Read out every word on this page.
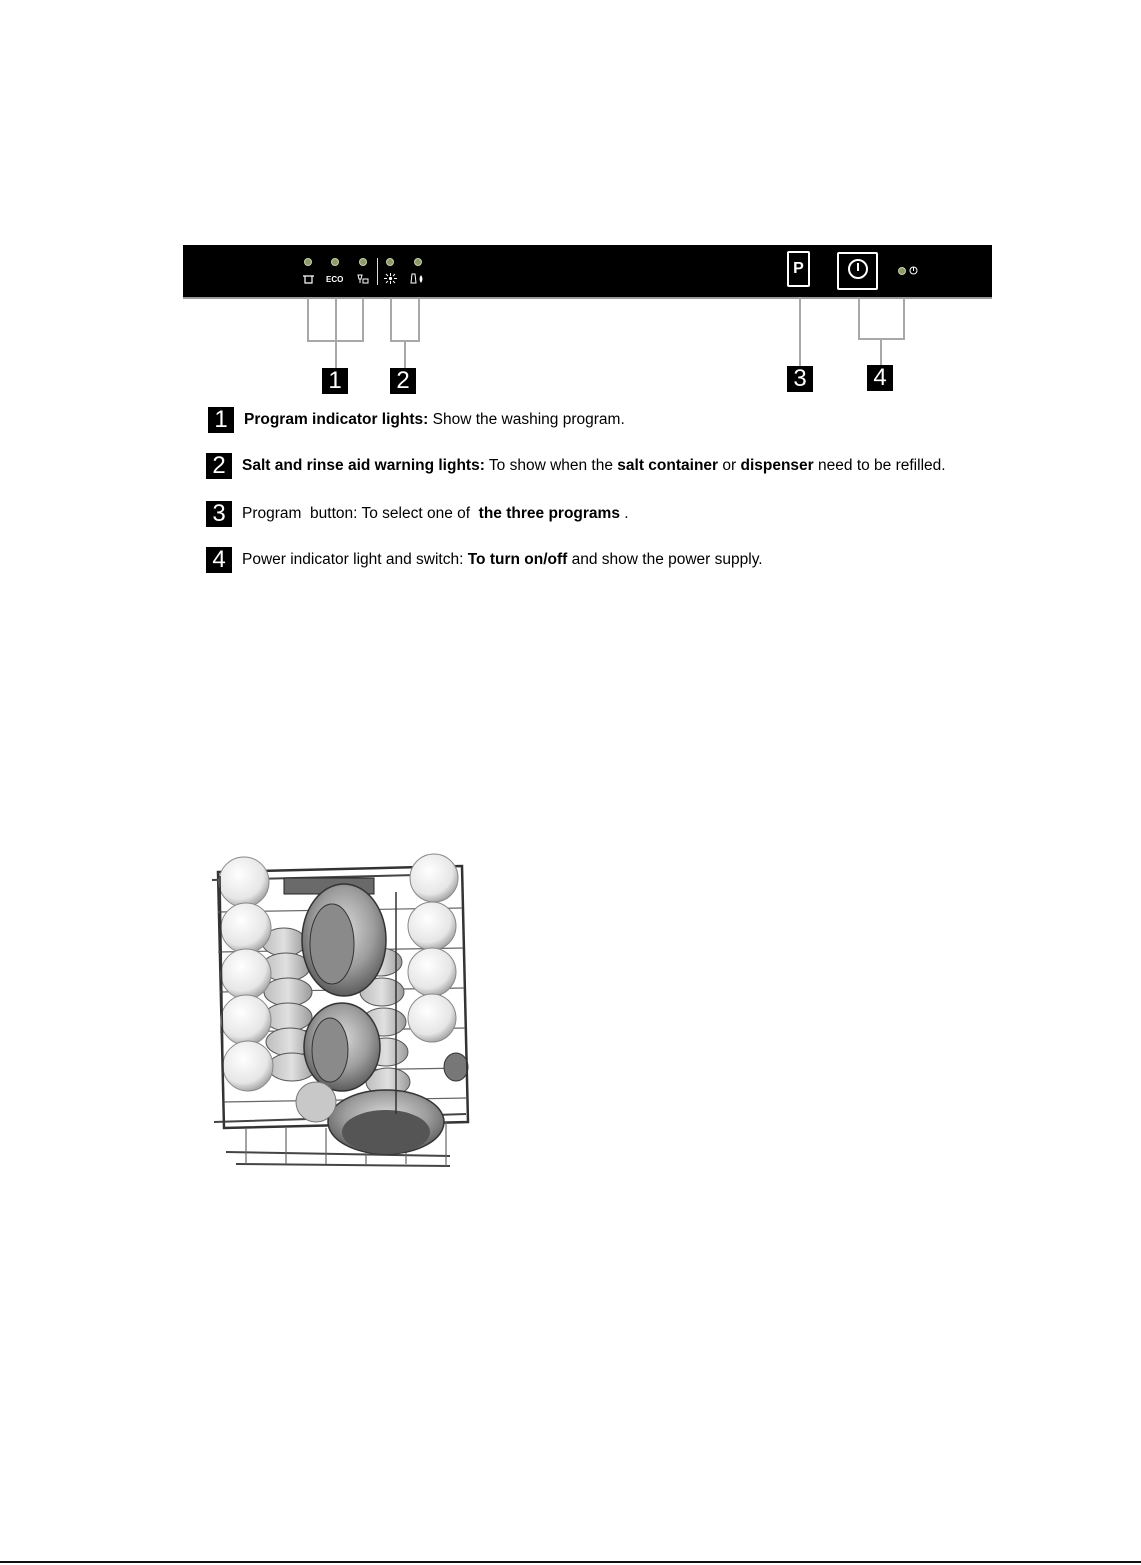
ECO
P
1 2	3	4
1	Program indicator lights: Show the washing program.
2	Salt and rinse aid warning lights: To show when the salt container or dispenser need to be refilled.
3	Program  button : To select one of the three programs .
4	Power indicator light and switch : To turn on/off and show the power supply.
